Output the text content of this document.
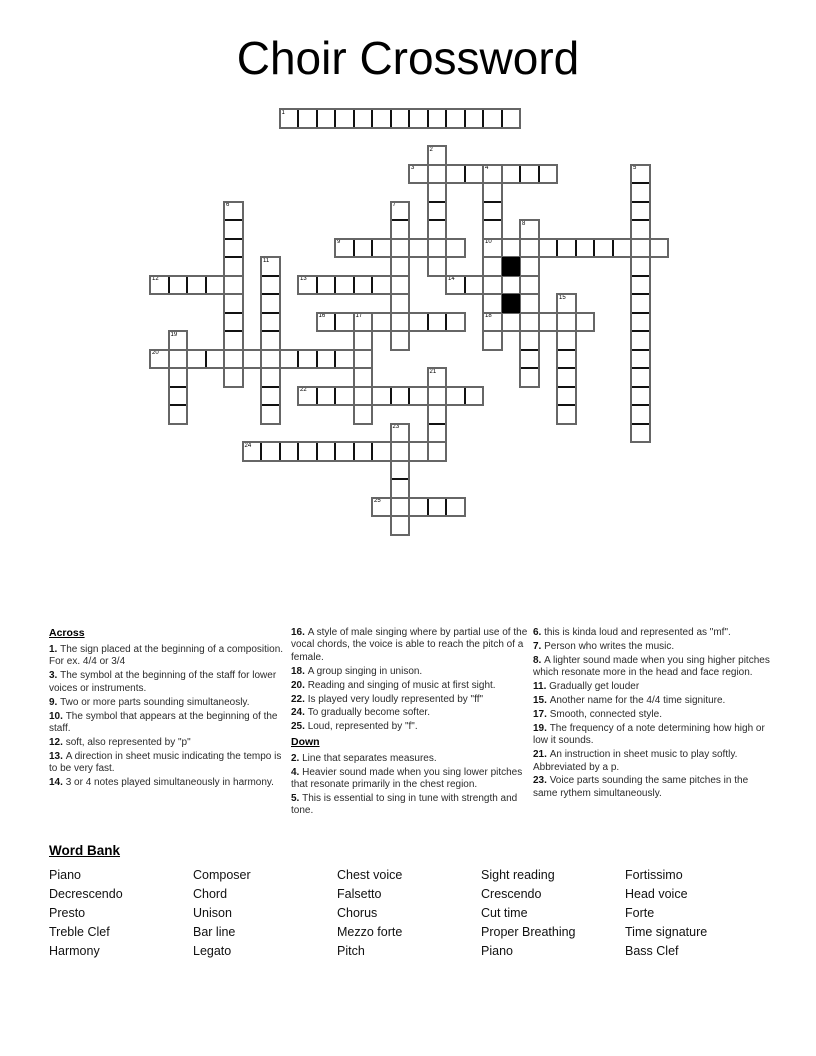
Choir Crossword
1
2
3	4
10
18
5
6	7
8
9
11
12	13	14
15
16	17
19
20
21
22
23
24
25
Across

1. The sign placed at the beginning of a composition. For ex. 4/4 or 3/4

3. The symbol at the beginning of the staff for lower voices or instruments.

9. Two or more parts sounding simultaneosly.

10. The symbol that appears at the beginning of the staff.

12. soft, also represented by "p"

13. A direction in sheet music indicating the tempo is to be very fast.

14. 3 or 4 notes played simultaneously in harmony.

16. A style of male singing where by partial use of the vocal chords, the voice is able to reach the pitch of a female.

18. A group singing in unison.

20. Reading and singing of music at first sight.

22. Is played very loudly represented by "ff"

24. To gradually become softer.

25. Loud, represented by "f".

Down

2. Line that separates measures.

4. Heavier sound made when you sing lower pitches that resonate primarily in the chest region.

5. This is essential to sing in tune with strength and tone.

6. this is kinda loud and represented as "mf".

7. Person who writes the music.

8. A lighter sound made when you sing higher pitches which resonate more in the head and face region.

11. Gradually get louder

15. Another name for the 4/4 time signiture.

17. Smooth, connected style.

19. The frequency of a note determining how high or low it sounds.

21. An instruction in sheet music to play softly. Abbreviated by a p.

23. Voice parts sounding the same pitches in the same rythem simultaneously.

Word Bank
Piano
Decrescendo
Presto
Treble Clef
Harmony
Composer
Chord
Unison
Bar line
Legato
Chest voice
Falsetto
Chorus
Mezzo forte
Pitch
Sight reading
Crescendo
Cut time
Proper Breathing
Piano
Fortissimo
Head voice
Forte
Time signature
Bass Clef
